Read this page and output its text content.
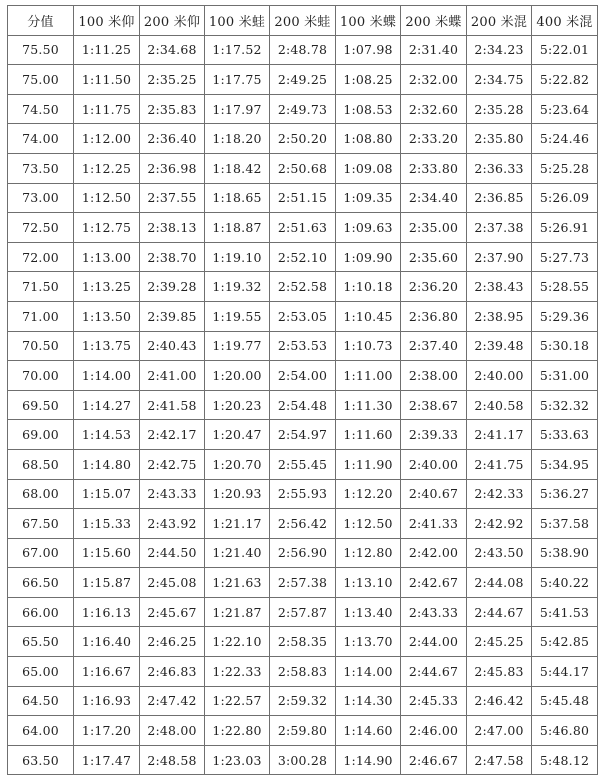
分值	100 米仰	200 米仰	100 米蛙	200 米蛙	100 米蝶	200 米蝶	200 米混	400 米混
75.50	1:11.25	2:34.68	1:17.52	2:48.78	1:07.98	2:31.40	2:34.23	5:22.01
75.00	1:11.50	2:35.25	1:17.75	2:49.25	1:08.25	2:32.00	2:34.75	5:22.82
74.50	1:11.75	2:35.83	1:17.97	2:49.73	1:08.53	2:32.60	2:35.28	5:23.64
74.00	1:12.00	2:36.40	1:18.20	2:50.20	1:08.80	2:33.20	2:35.80	5:24.46
73.50	1:12.25	2:36.98	1:18.42	2:50.68	1:09.08	2:33.80	2:36.33	5:25.28
73.00	1:12.50	2:37.55	1:18.65	2:51.15	1:09.35	2:34.40	2:36.85	5:26.09
72.50	1:12.75	2:38.13	1:18.87	2:51.63	1:09.63	2:35.00	2:37.38	5:26.91
72.00	1:13.00	2:38.70	1:19.10	2:52.10	1:09.90	2:35.60	2:37.90	5:27.73
71.50	1:13.25	2:39.28	1:19.32	2:52.58	1:10.18	2:36.20	2:38.43	5:28.55
71.00	1:13.50	2:39.85	1:19.55	2:53.05	1:10.45	2:36.80	2:38.95	5:29.36
70.50	1:13.75	2:40.43	1:19.77	2:53.53	1:10.73	2:37.40	2:39.48	5:30.18
70.00	1:14.00	2:41.00	1:20.00	2:54.00	1:11.00	2:38.00	2:40.00	5:31.00
69.50	1:14.27	2:41.58	1:20.23	2:54.48	1:11.30	2:38.67	2:40.58	5:32.32
69.00	1:14.53	2:42.17	1:20.47	2:54.97	1:11.60	2:39.33	2:41.17	5:33.63
68.50	1:14.80	2:42.75	1:20.70	2:55.45	1:11.90	2:40.00	2:41.75	5:34.95
68.00	1:15.07	2:43.33	1:20.93	2:55.93	1:12.20	2:40.67	2:42.33	5:36.27
67.50	1:15.33	2:43.92	1:21.17	2:56.42	1:12.50	2:41.33	2:42.92	5:37.58
67.00	1:15.60	2:44.50	1:21.40	2:56.90	1:12.80	2:42.00	2:43.50	5:38.90
66.50	1:15.87	2:45.08	1:21.63	2:57.38	1:13.10	2:42.67	2:44.08	5:40.22
66.00	1:16.13	2:45.67	1:21.87	2:57.87	1:13.40	2:43.33	2:44.67	5:41.53
65.50	1:16.40	2:46.25	1:22.10	2:58.35	1:13.70	2:44.00	2:45.25	5:42.85
65.00	1:16.67	2:46.83	1:22.33	2:58.83	1:14.00	2:44.67	2:45.83	5:44.17
64.50	1:16.93	2:47.42	1:22.57	2:59.32	1:14.30	2:45.33	2:46.42	5:45.48
64.00	1:17.20	2:48.00	1:22.80	2:59.80	1:14.60	2:46.00	2:47.00	5:46.80
63.50	1:17.47	2:48.58	1:23.03	3:00.28	1:14.90	2:46.67	2:47.58	5:48.12
